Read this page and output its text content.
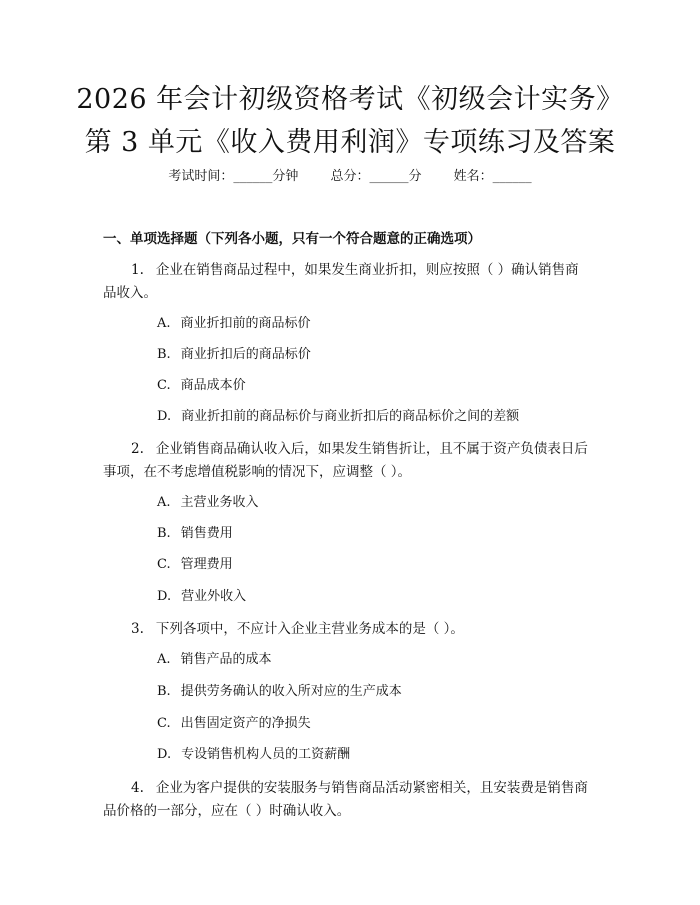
2026 年会计初级资格考试《初级会计实务》
第 3 单元《收入费用利润》专项练习及答案
考试时间：______分钟 总分：______分 姓名：______
一、单项选择题（下列各小题，只有一个符合题意的正确选项）
1. 企业在销售商品过程中，如果发生商业折扣，则应按照（ ）确认销售商
品收入。
A. 商业折扣前的商品标价
B. 商业折扣后的商品标价
C. 商品成本价
D. 商业折扣前的商品标价与商业折扣后的商品标价之间的差额
2. 企业销售商品确认收入后，如果发生销售折让，且不属于资产负债表日后
事项，在不考虑增值税影响的情况下，应调整（ ）。
A. 主营业务收入
B. 销售费用
C. 管理费用
D. 营业外收入
3. 下列各项中，不应计入企业主营业务成本的是（ ）。
A. 销售产品的成本
B. 提供劳务确认的收入所对应的生产成本
C. 出售固定资产的净损失
D. 专设销售机构人员的工资薪酬
4. 企业为客户提供的安装服务与销售商品活动紧密相关，且安装费是销售商
品价格的一部分，应在（ ）时确认收入。
